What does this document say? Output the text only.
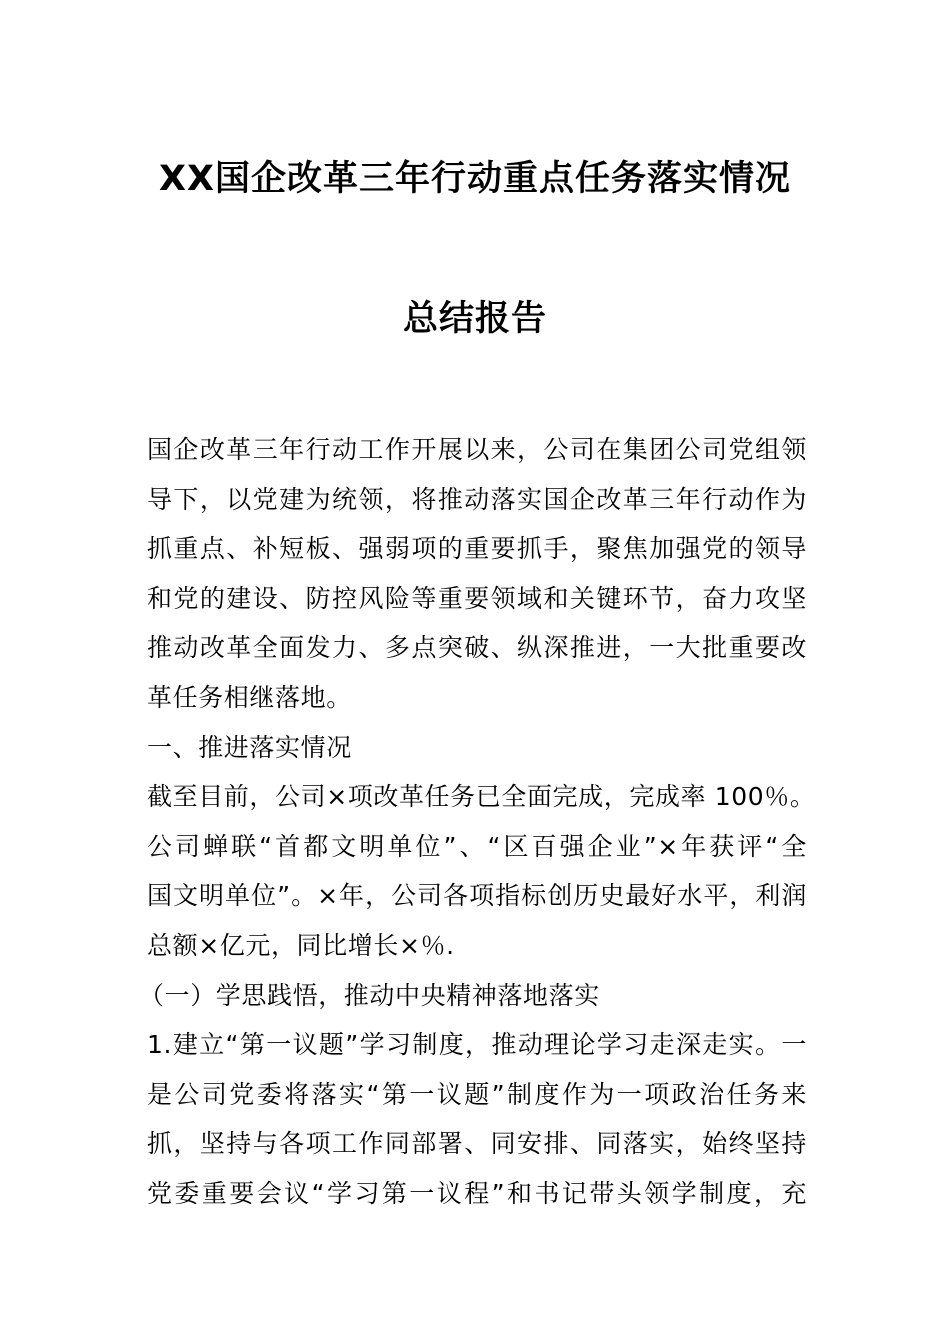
XX国企改革三年行动重点任务落实情况
总结报告
国企改革三年行动工作开展以来，公司在集团公司党组领
导下，以党建为统领，将推动落实国企改革三年行动作为
抓重点、补短板、强弱项的重要抓手，聚焦加强党的领导
和党的建设、防控风险等重要领域和关键环节，奋力攻坚
推动改革全面发力、多点突破、纵深推进，一大批重要改
革任务相继落地。
一、推进落实情况
截至目前，公司×项改革任务已全面完成，完成率 100％。
公司蝉联“首都文明单位”、“区百强企业”×年获评“全
国文明单位”。×年，公司各项指标创历史最好水平，利润
总额×亿元，同比增长×％.
（一）学思践悟，推动中央精神落地落实
1.建立“第一议题”学习制度，推动理论学习走深走实。一
是公司党委将落实“第一议题”制度作为一项政治任务来
抓，坚持与各项工作同部署、同安排、同落实，始终坚持
党委重要会议“学习第一议程”和书记带头领学制度，充
